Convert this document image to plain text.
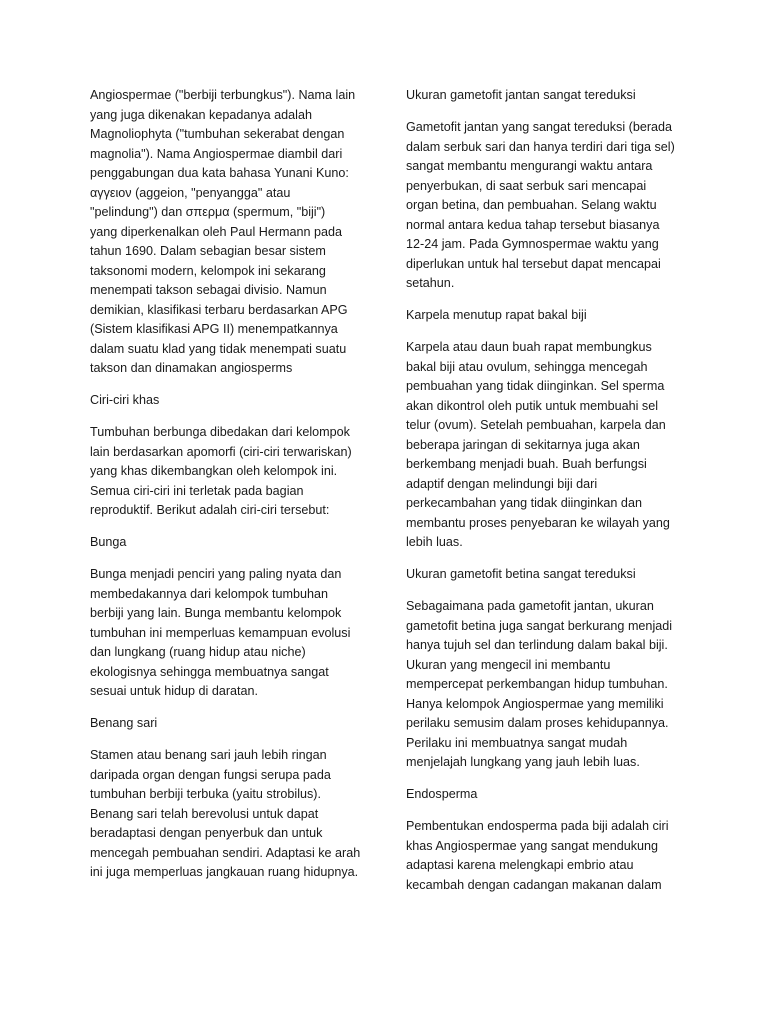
Angiospermae ("berbiji terbungkus"). Nama lain
yang juga dikenakan kepadanya adalah
Magnoliophyta ("tumbuhan sekerabat dengan
magnolia"). Nama Angiospermae diambil dari
penggabungan dua kata bahasa Yunani Kuno:
αγγειον (aggeion, "penyangga" atau
"pelindung") dan σπερμα (spermum, "biji")
yang diperkenalkan oleh Paul Hermann pada
tahun 1690. Dalam sebagian besar sistem
taksonomi modern, kelompok ini sekarang
menempati takson sebagai divisio. Namun
demikian, klasifikasi terbaru berdasarkan APG
(Sistem klasifikasi APG II) menempatkannya
dalam suatu klad yang tidak menempati suatu
takson dan dinamakan angiosperms

Ciri-ciri khas

Tumbuhan berbunga dibedakan dari kelompok
lain berdasarkan apomorfi (ciri-ciri terwariskan)
yang khas dikembangkan oleh kelompok ini.
Semua ciri-ciri ini terletak pada bagian
reproduktif. Berikut adalah ciri-ciri tersebut:

Bunga

Bunga menjadi penciri yang paling nyata dan
membedakannya dari kelompok tumbuhan
berbiji yang lain. Bunga membantu kelompok
tumbuhan ini memperluas kemampuan evolusi
dan lungkang (ruang hidup atau niche)
ekologisnya sehingga membuatnya sangat
sesuai untuk hidup di daratan.

Benang sari

Stamen atau benang sari jauh lebih ringan
daripada organ dengan fungsi serupa pada
tumbuhan berbiji terbuka (yaitu strobilus).
Benang sari telah berevolusi untuk dapat
beradaptasi dengan penyerbuk dan untuk
mencegah pembuahan sendiri. Adaptasi ke arah
ini juga memperluas jangkauan ruang hidupnya.

Ukuran gametofit jantan sangat tereduksi

Gametofit jantan yang sangat tereduksi (berada
dalam serbuk sari dan hanya terdiri dari tiga sel)
sangat membantu mengurangi waktu antara
penyerbukan, di saat serbuk sari mencapai
organ betina, dan pembuahan. Selang waktu
normal antara kedua tahap tersebut biasanya
12-24 jam. Pada Gymnospermae waktu yang
diperlukan untuk hal tersebut dapat mencapai
setahun.

Karpela menutup rapat bakal biji

Karpela atau daun buah rapat membungkus
bakal biji atau ovulum, sehingga mencegah
pembuahan yang tidak diinginkan. Sel sperma
akan dikontrol oleh putik untuk membuahi sel
telur (ovum). Setelah pembuahan, karpela dan
beberapa jaringan di sekitarnya juga akan
berkembang menjadi buah. Buah berfungsi
adaptif dengan melindungi biji dari
perkecambahan yang tidak diinginkan dan
membantu proses penyebaran ke wilayah yang
lebih luas.

Ukuran gametofit betina sangat tereduksi

Sebagaimana pada gametofit jantan, ukuran
gametofit betina juga sangat berkurang menjadi
hanya tujuh sel dan terlindung dalam bakal biji.
Ukuran yang mengecil ini membantu
mempercepat perkembangan hidup tumbuhan.
Hanya kelompok Angiospermae yang memiliki
perilaku semusim dalam proses kehidupannya.
Perilaku ini membuatnya sangat mudah
menjelajah lungkang yang jauh lebih luas.

Endosperma

Pembentukan endosperma pada biji adalah ciri
khas Angiospermae yang sangat mendukung
adaptasi karena melengkapi embrio atau
kecambah dengan cadangan makanan dalam
